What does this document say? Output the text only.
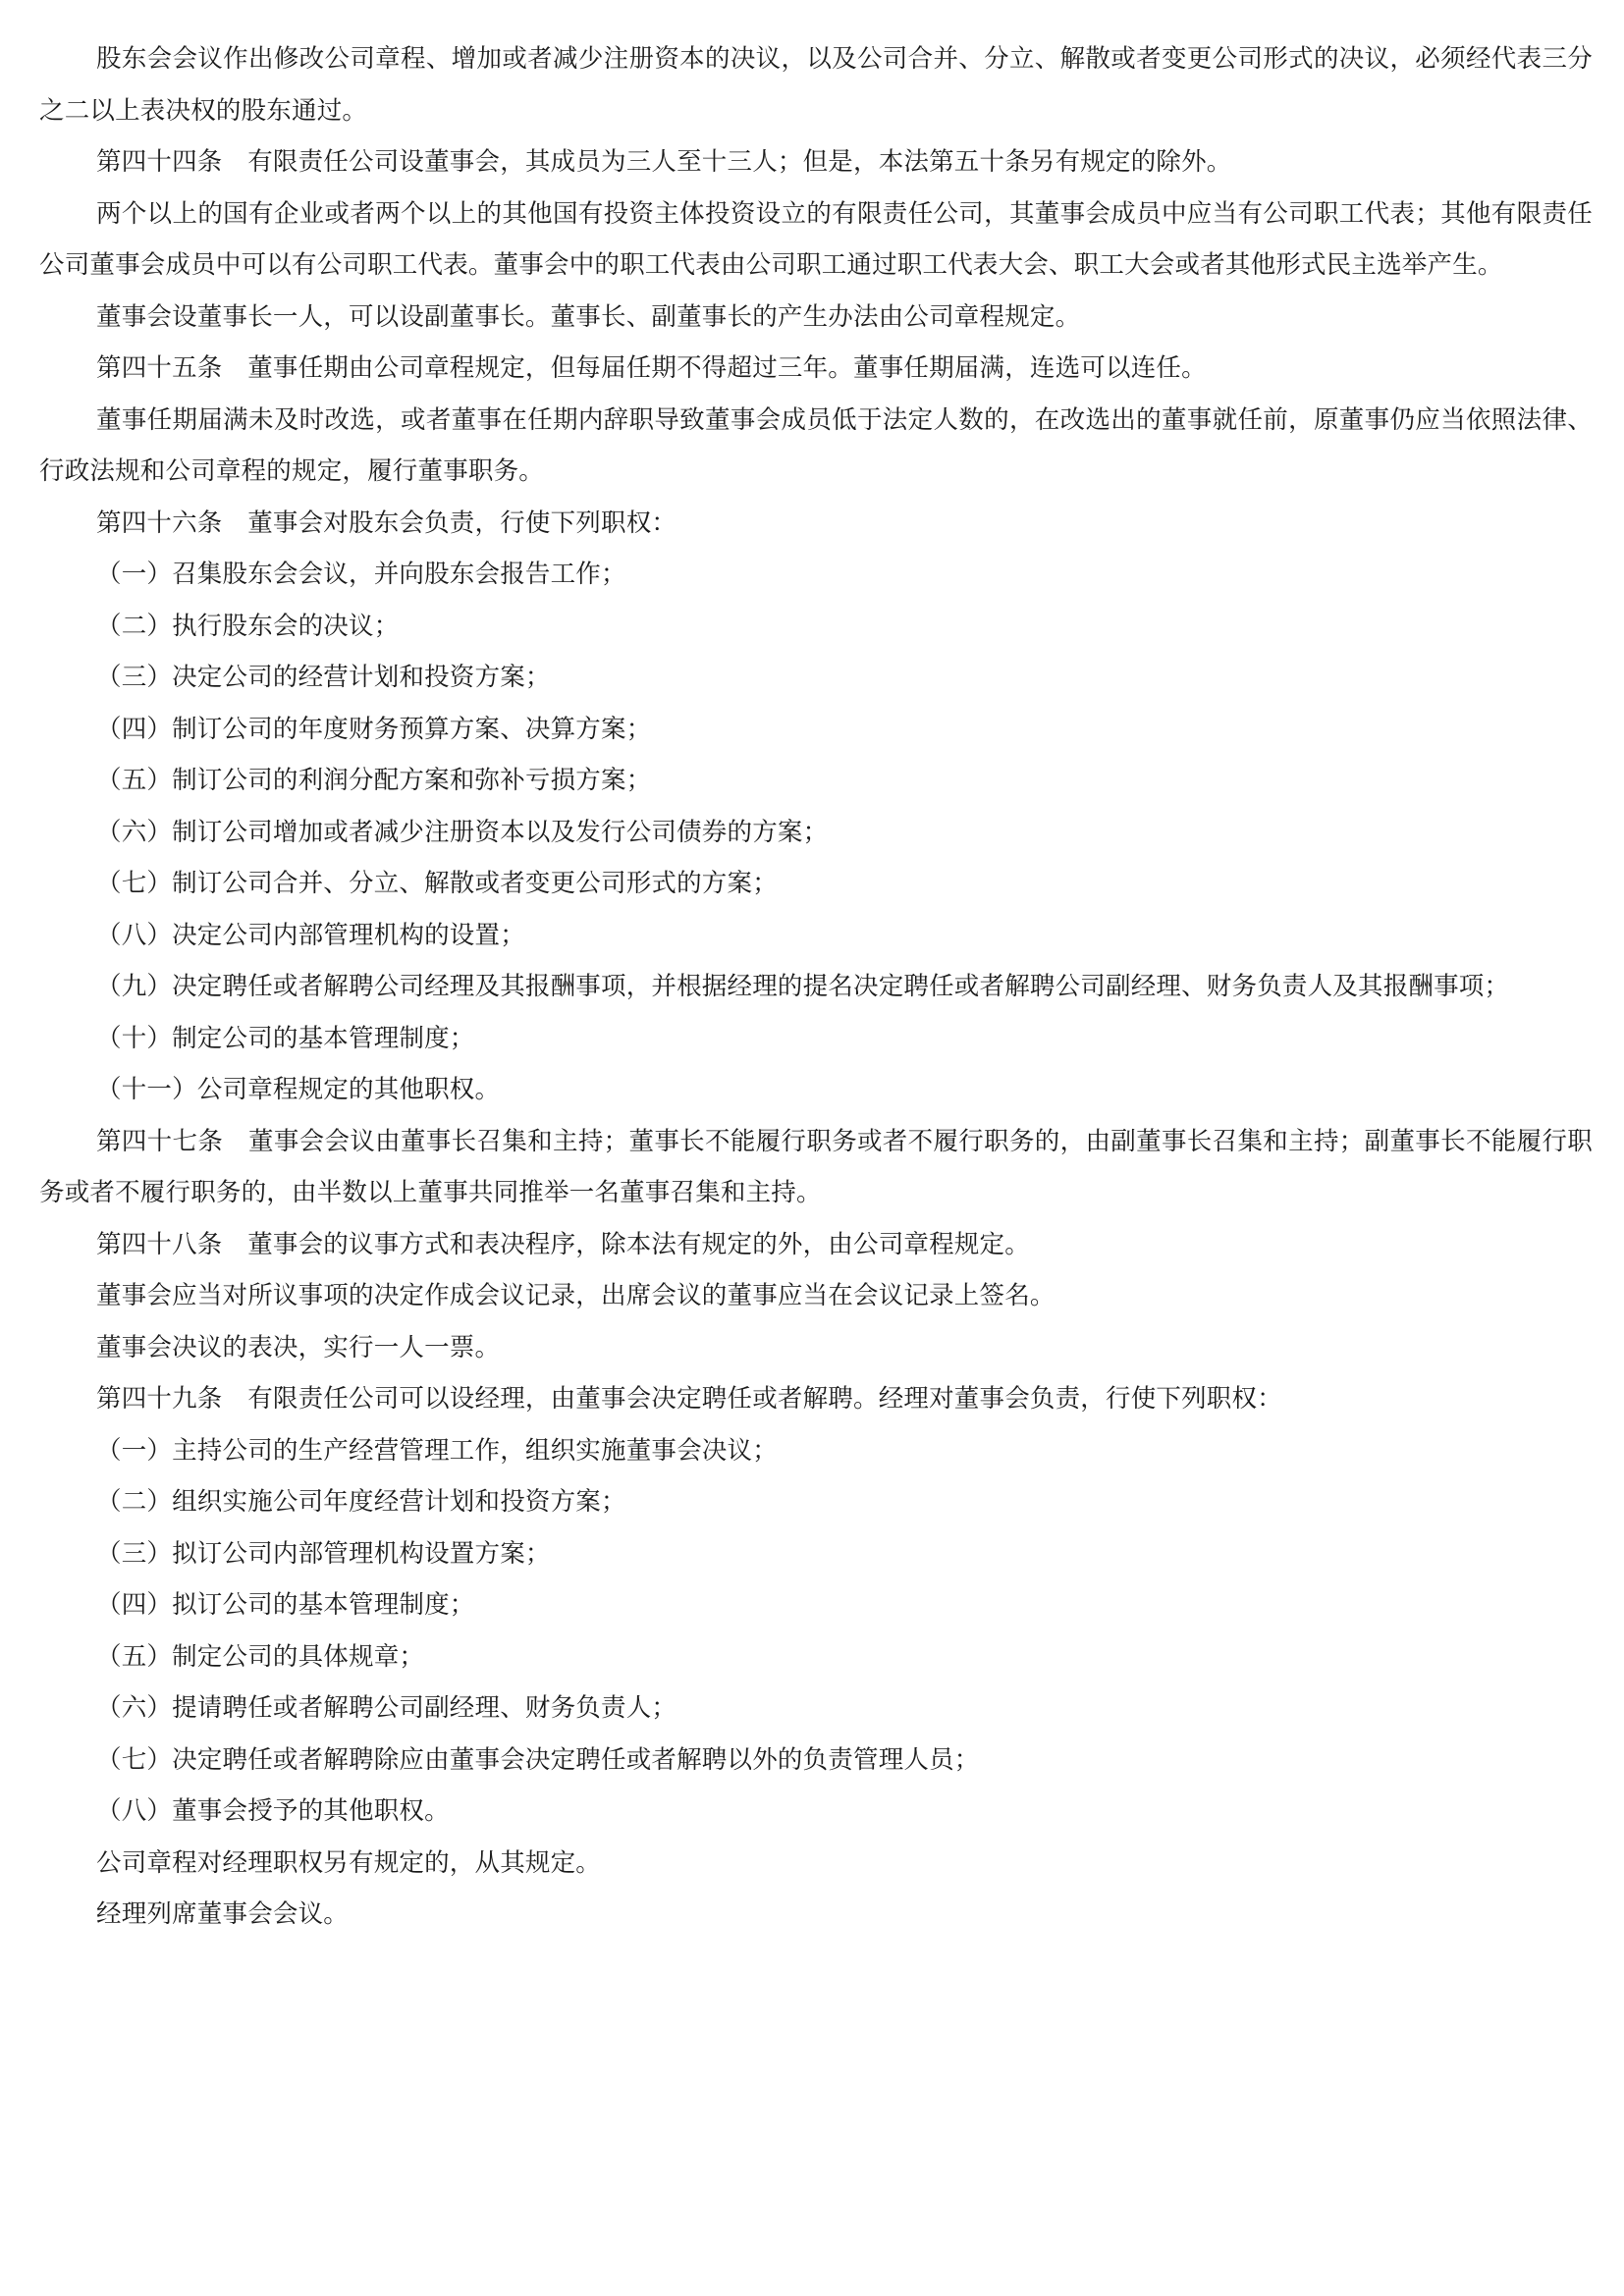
股东会会议作出修改公司章程、增加或者减少注册资本的决议，以及公司合并、分立、解散或者变更公司形式的决议，必须经代表三分之二以上表决权的股东通过。

第四十四条　有限责任公司设董事会，其成员为三人至十三人；但是，本法第五十条另有规定的除外。

两个以上的国有企业或者两个以上的其他国有投资主体投资设立的有限责任公司，其董事会成员中应当有公司职工代表；其他有限责任公司董事会成员中可以有公司职工代表。董事会中的职工代表由公司职工通过职工代表大会、职工大会或者其他形式民主选举产生。

董事会设董事长一人，可以设副董事长。董事长、副董事长的产生办法由公司章程规定。

第四十五条　董事任期由公司章程规定，但每届任期不得超过三年。董事任期届满，连选可以连任。

董事任期届满未及时改选，或者董事在任期内辞职导致董事会成员低于法定人数的，在改选出的董事就任前，原董事仍应当依照法律、行政法规和公司章程的规定，履行董事职务。

第四十六条　董事会对股东会负责，行使下列职权：

（一）召集股东会会议，并向股东会报告工作；

（二）执行股东会的决议；

（三）决定公司的经营计划和投资方案；

（四）制订公司的年度财务预算方案、决算方案；

（五）制订公司的利润分配方案和弥补亏损方案；

（六）制订公司增加或者减少注册资本以及发行公司债券的方案；

（七）制订公司合并、分立、解散或者变更公司形式的方案；

（八）决定公司内部管理机构的设置；

（九）决定聘任或者解聘公司经理及其报酬事项，并根据经理的提名决定聘任或者解聘公司副经理、财务负责人及其报酬事项；

（十）制定公司的基本管理制度；

（十一）公司章程规定的其他职权。

第四十七条　董事会会议由董事长召集和主持；董事长不能履行职务或者不履行职务的，由副董事长召集和主持；副董事长不能履行职务或者不履行职务的，由半数以上董事共同推举一名董事召集和主持。

第四十八条　董事会的议事方式和表决程序，除本法有规定的外，由公司章程规定。

董事会应当对所议事项的决定作成会议记录，出席会议的董事应当在会议记录上签名。

董事会决议的表决，实行一人一票。

第四十九条　有限责任公司可以设经理，由董事会决定聘任或者解聘。经理对董事会负责，行使下列职权：

（一）主持公司的生产经营管理工作，组织实施董事会决议；

（二）组织实施公司年度经营计划和投资方案；

（三）拟订公司内部管理机构设置方案；

（四）拟订公司的基本管理制度；

（五）制定公司的具体规章；

（六）提请聘任或者解聘公司副经理、财务负责人；

（七）决定聘任或者解聘除应由董事会决定聘任或者解聘以外的负责管理人员；

（八）董事会授予的其他职权。

公司章程对经理职权另有规定的，从其规定。

经理列席董事会会议。
